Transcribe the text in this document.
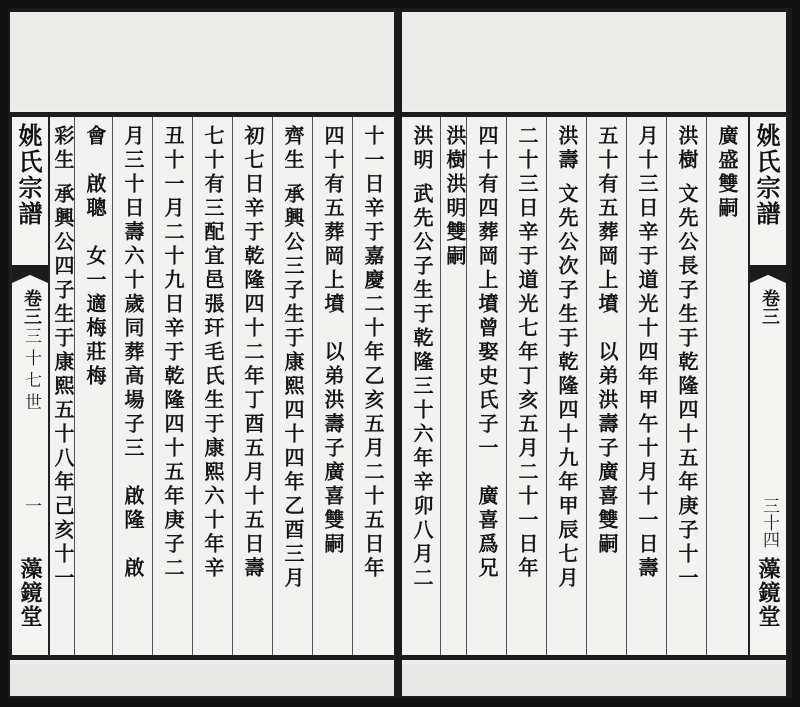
姚氏宗譜
卷三
三十七世
一
藻鏡堂
十一日辛于嘉慶二十年乙亥五月二十五日年
四十有五葬岡上墳　以弟洪壽子廣喜雙嗣
齊生
承興公三子生于康熙四十四年乙酉三月
初七日辛于乾隆四十二年丁酉五月十五日壽
七十有三配宜邑張玕毛氏生于康熙六十年辛
丑十一月二十九日辛于乾隆四十五年庚子二
月三十日壽六十歲同葬高場子三　啟隆　啟
會　啟聰　女一適梅莊梅
彩生
承興公四子生于康熙五十八年己亥十一
姚氏宗譜
卷三
三十四
藻鏡堂
廣盛雙嗣
洪樹
文先公長子生于乾隆四十五年庚子十一
月十三日辛于道光十四年甲午十月十一日壽
五十有五葬岡上墳　以弟洪壽子廣喜雙嗣
洪壽
文先公次子生于乾隆四十九年甲辰七月
二十三日辛于道光七年丁亥五月二十一日年
四十有四葬岡上墳曾娶史氏子一　廣喜爲兄
洪樹洪明雙嗣
洪明
武先公子生于乾隆三十六年辛卯八月二
